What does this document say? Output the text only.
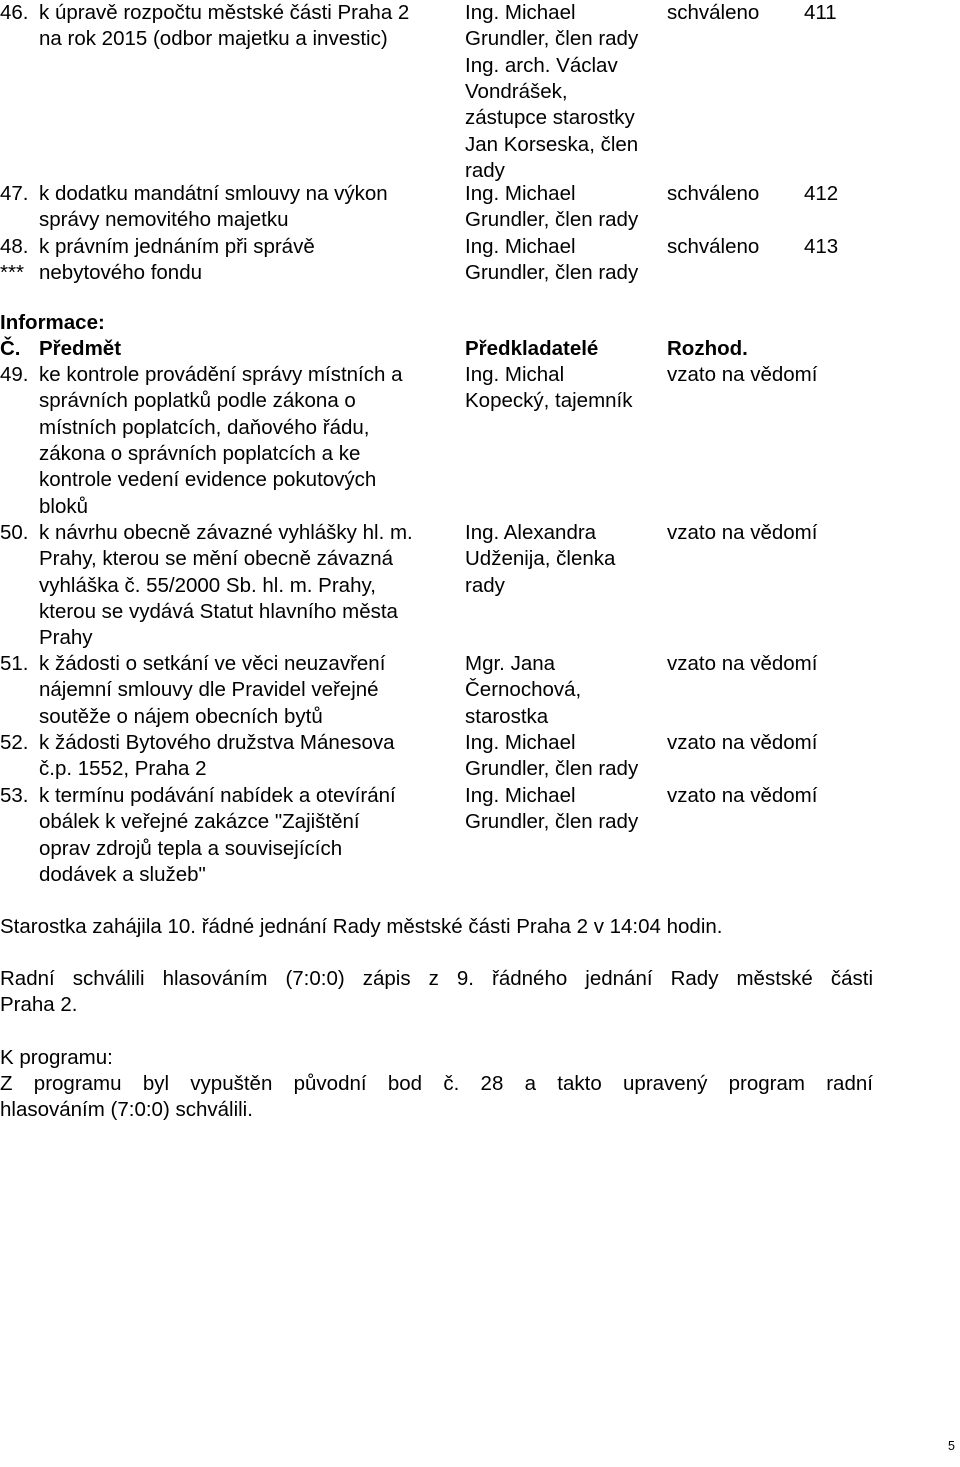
46. k úpravě rozpočtu městské části Praha 2
na rok 2015 (odbor majetku a investic)
Ing. Michael
Grundler, člen rady
Ing. arch. Václav
Vondrášek,
zástupce starostky
Jan Korseska, člen
rady
schváleno 411
47. k dodatku mandátní smlouvy na výkon
správy nemovitého majetku
Ing. Michael
Grundler, člen rady
schváleno 412
48.
***
k právním jednáním při správě
nebytového fondu
Ing. Michael
Grundler, člen rady
schváleno 413
Informace:
Č. Předmět	Předkladatelé	Rozhod.
49. ke kontrole provádění správy místních a
správních poplatků podle zákona o
místních poplatcích, daňového řádu,
zákona o správních poplatcích a ke
kontrole vedení evidence pokutových
bloků
Ing. Michal
Kopecký, tajemník
vzato na vědomí
50. k návrhu obecně závazné vyhlášky hl. m.
Prahy, kterou se mění obecně závazná
vyhláška č. 55/2000 Sb. hl. m. Prahy,
kterou se vydává Statut hlavního města
Prahy
Ing. Alexandra
Udženija, členka
rady
vzato na vědomí
51. k žádosti o setkání ve věci neuzavření
nájemní smlouvy dle Pravidel veřejné
soutěže o nájem obecních bytů
Mgr. Jana
Černochová,
starostka
vzato na vědomí
52. k žádosti Bytového družstva Mánesova
č.p. 1552, Praha 2
Ing. Michael
Grundler, člen rady
vzato na vědomí
53. k termínu podávání nabídek a otevírání
obálek k veřejné zakázce "Zajištění
oprav zdrojů tepla a souvisejících
dodávek a služeb"
Ing. Michael
Grundler, člen rady
vzato na vědomí
Starostka zahájila 10. řádné jednání Rady městské části Praha 2 v 14:04 hodin.
Radní schválili hlasováním (7:0:0) zápis z 9. řádného jednání Rady městské části
Praha 2.
K programu:
Z programu byl vypuštěn původní bod č. 28 a takto upravený program radní
hlasováním (7:0:0) schválili.
5
